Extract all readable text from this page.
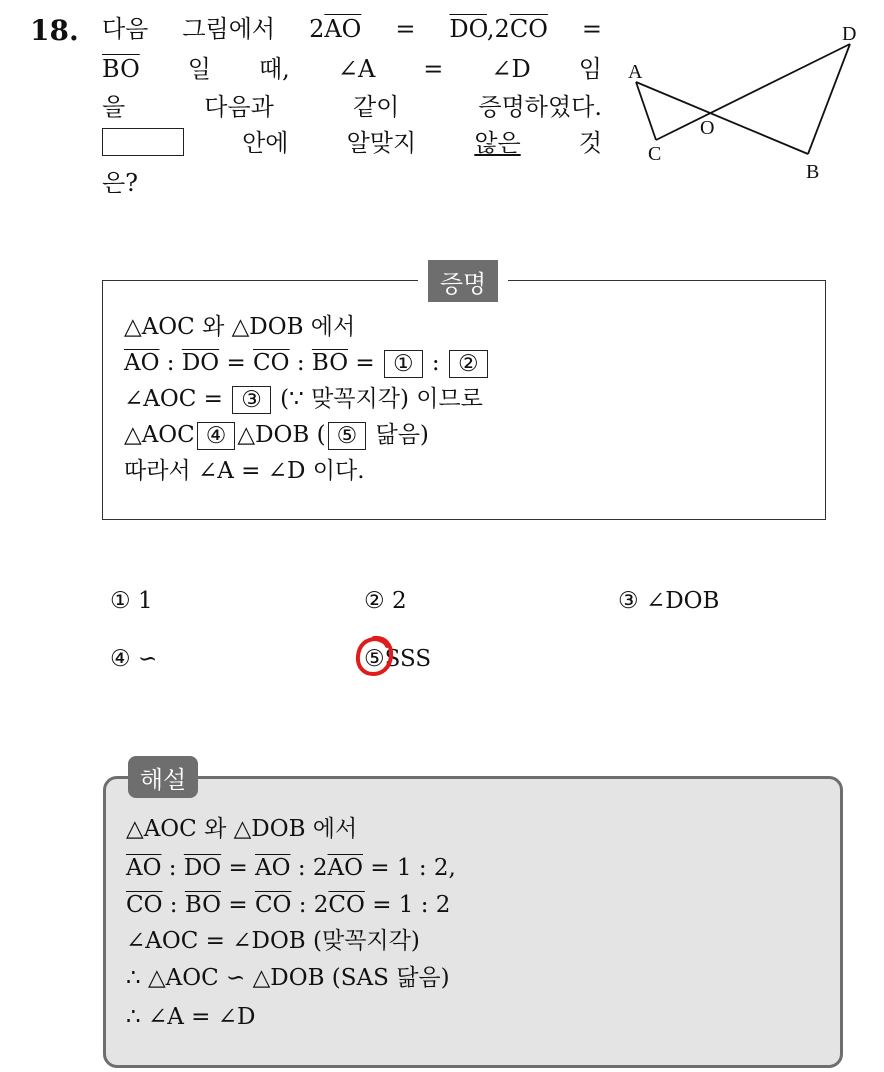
18. 다음 그림에서 $2\overline{AO} = \overline{DO},2\overline{CO}$ =
$\overline{BO}$ 일 때, ∠A = ∠D 임
을	다음과	같이	증명하였다.
안에 알맞지 않은 것
은?
A
C
O
D
B
증명
△AOC 와 △DOB 에서
$\overline{AO}$ : $\overline{DO} = \overline{CO}$ : $\overline{BO}$ = ① : ②
∠AOC = ③ (∵ 맞꼭지각) 이므로
△AOC ④ △DOB ( ⑤ 닮음)
따라서 ∠A = ∠D 이다.
① 1	② 2	③ ∠DOB
④ ∽	⑤SSS
해설
△AOC 와 △DOB 에서
$\overline{AO}$ : $\overline{DO} = \overline{AO}$ : $2\overline{AO} = 1$ : 2,
$\overline{CO}$ : $\overline{BO} = \overline{CO}$ : $2\overline{CO} = 1$ : 2
∠AOC = ∠DOB (맞꼭지각)
∴ △AOC ∽ △DOB (SAS 닮음)
∴ ∠A = ∠D
